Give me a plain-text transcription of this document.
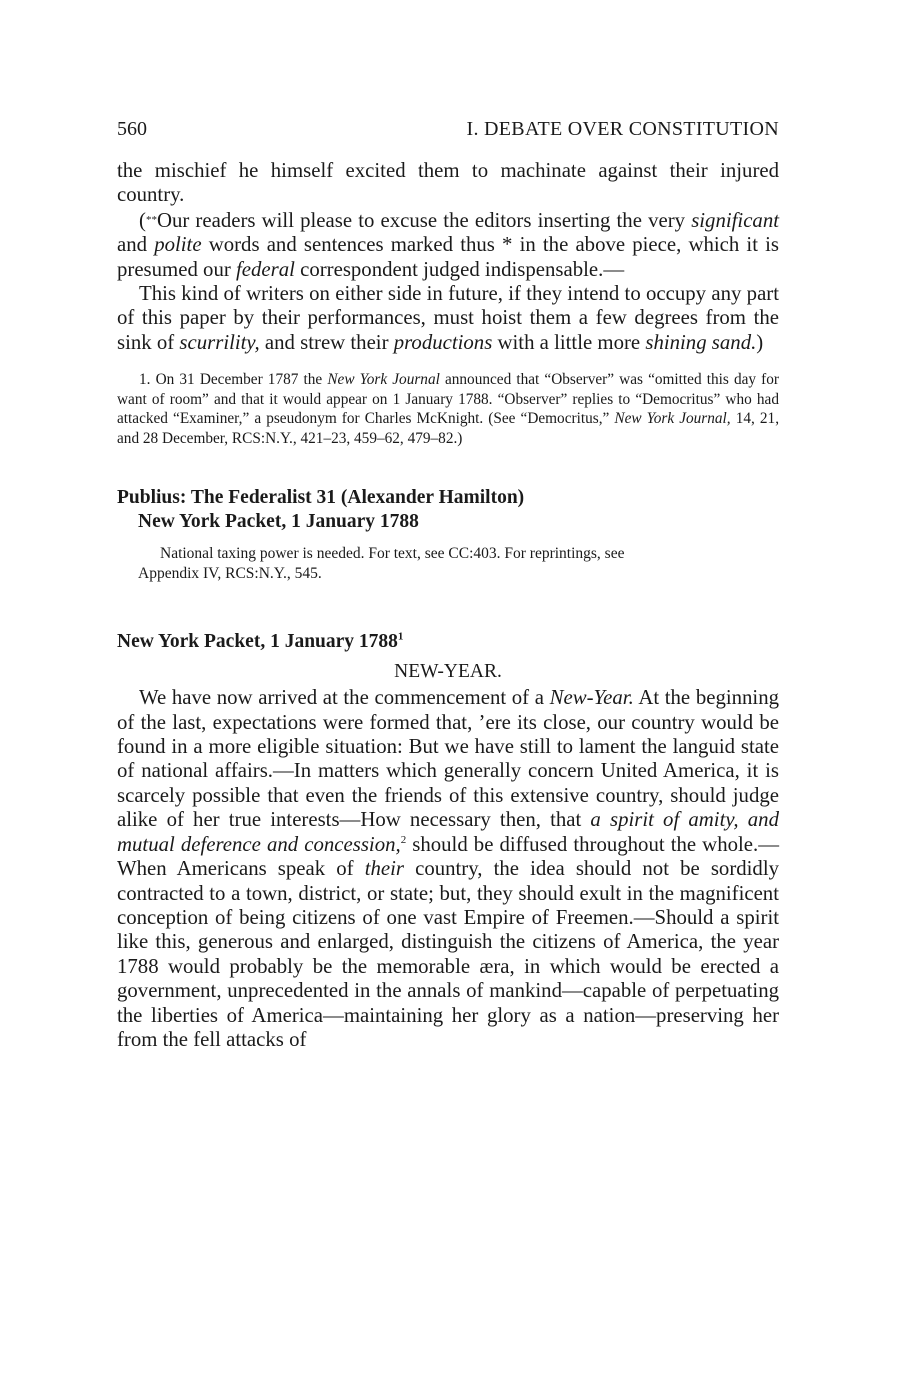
560	I. DEBATE OVER CONSTITUTION

the mischief he himself excited them to machinate against their injured country.

(**Our readers will please to excuse the editors inserting the very significant and polite words and sentences marked thus * in the above piece, which it is presumed our federal correspondent judged indispensable.—

This kind of writers on either side in future, if they intend to occupy any part of this paper by their performances, must hoist them a few degrees from the sink of scurrility, and strew their productions with a little more shining sand.)

1. On 31 December 1787 the New York Journal announced that “Observer” was “omitted this day for want of room” and that it would appear on 1 January 1788. “Observer” replies to “Democritus” who had attacked “Examiner,” a pseudonym for Charles McKnight. (See “Democritus,” New York Journal, 14, 21, and 28 December, RCS:N.Y., 421–23, 459–62, 479–82.)

Publius: The Federalist 31 (Alexander Hamilton)
New York Packet, 1 January 1788
National taxing power is needed. For text, see CC:403. For reprintings, see
Appendix IV, RCS:N.Y., 545.
New York Packet, 1 January 1788$^1$

NEW-YEAR.

We have now arrived at the commencement of a New-Year. At the beginning of the last, expectations were formed that, ’ere its close, our country would be found in a more eligible situation: But we have still to lament the languid state of national affairs.—In matters which generally concern United America, it is scarcely possible that even the friends of this extensive country, should judge alike of her true interests—How necessary then, that a spirit of amity, and mutual deference and concession,$^2$ should be diffused throughout the whole.—When Americans speak of their country, the idea should not be sordidly contracted to a town, district, or state; but, they should exult in the magnificent conception of being citizens of one vast Empire of Freemen.—Should a spirit like this, generous and enlarged, distinguish the citizens of America, the year 1788 would probably be the memorable æra, in which would be erected a government, unprecedented in the annals of mankind—capable of perpetuating the liberties of America—maintaining her glory as a nation—preserving her from the fell attacks of
